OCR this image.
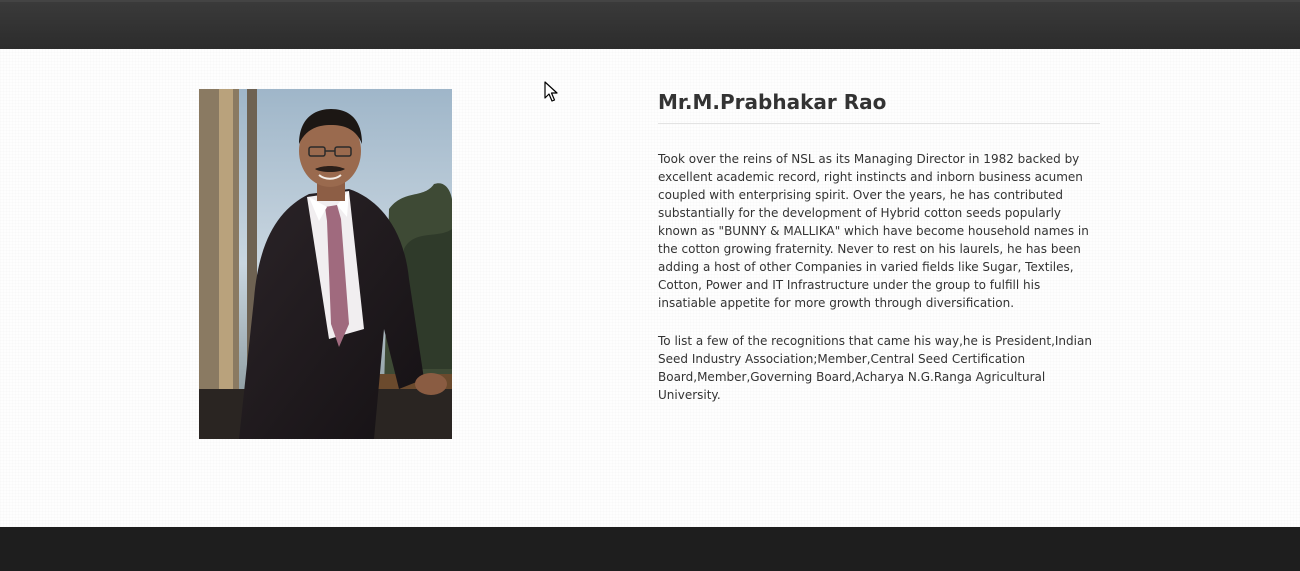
Mr.M.Prabhakar Rao

Took over the reins of NSL as its Managing Director in 1982 backed by excellent academic record, right instincts and inborn business acumen coupled with enterprising spirit. Over the years, he has contributed substantially for the development of Hybrid cotton seeds popularly known as "BUNNY & MALLIKA" which have become household names in the cotton growing fraternity. Never to rest on his laurels, he has been adding a host of other Companies in varied fields like Sugar, Textiles, Cotton, Power and IT Infrastructure under the group to fulfill his insatiable appetite for more growth through diversification.

To list a few of the recognitions that came his way,he is President,Indian Seed Industry Association;Member,Central Seed Certification Board,Member,Governing Board,Acharya N.G.Ranga Agricultural University.
